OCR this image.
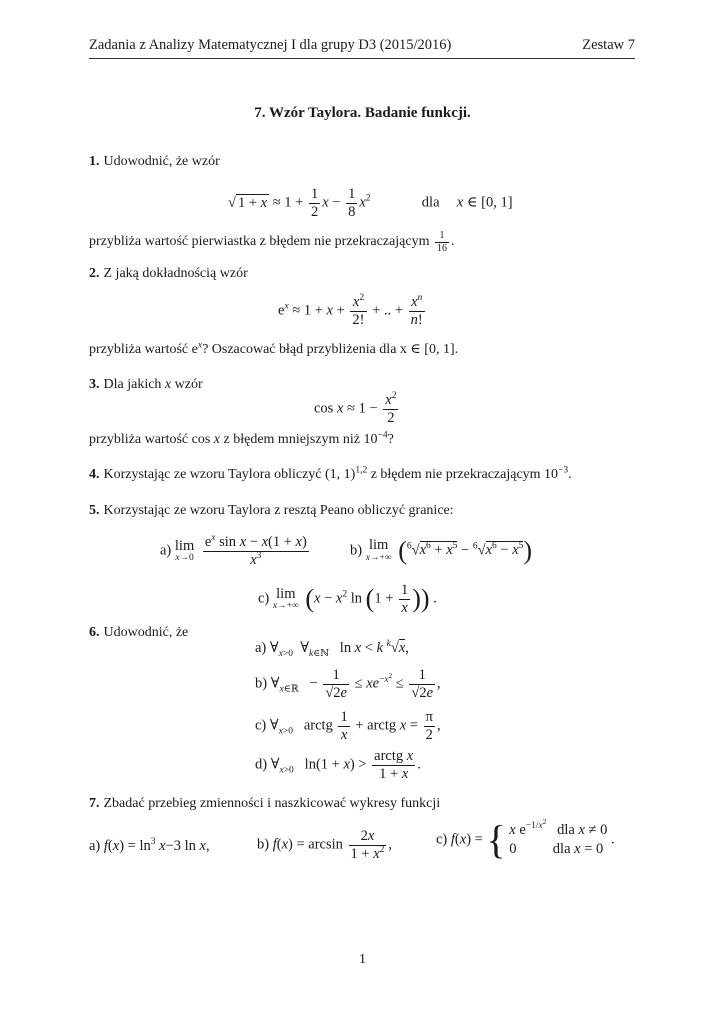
Zadania z Analizy Matematycznej I dla grupy D3 (2015/2016)	Zestaw 7
7. Wzór Taylora. Badanie funkcji.
1. Udowodnić, że wzór
√ $1 + x \approx 1 + \frac{1}{2}$ $x - \frac{1}{8} x^2$	dla x ∈ [0, 1]
przybliża wartość pierwiastka z błędem nie przekraczającym $\frac{1}{16}$ .
2. Z jaką dokładnością wzór
$e^x \approx 1 + x + \frac{x^2}{2!}$ + .. + $\frac{x^n}{n!}$
przybliża wartość $e^x$? Oszacować błąd przybliżenia dla x ∈ [0, 1].
3. Dla jakich x wzór
$\cos x \approx 1 - \frac{x^2}{2}$
przybliża wartość cos x z błędem mniejszym niż $10^{-4}$?
4. Korzystając ze wzoru Taylora obliczyć (1, 1)$^{1,2}$ z błędem nie przekraczającym $10^{-3}$.
5. Korzystając ze wzoru Taylora z resztą Peano obliczyć granice:
a) lim
x→0
$\frac{e^x \sin x - x(1 + x)}{x^3}$	b) lim
x→+∞ $(^6√x^6 + x^5 - ^6√x^6 - x^5)$
c) lim
x→+∞ ($x - x^2$ $\ln (1 + \frac{1}{x}$ )) .
6. Udowodnić, że
a) $\forall_{x>0}$  $\forall_{k\in ℕ}$   ln x < k $^k$√x,
b) $\forall_{x\in ℝ} - \frac{1}{√2e} \le xe^{-x^2} \le \frac{1}{√2e}$ ,
c) $\forall_{x>0}$   arctg $\frac{1}{x}$ + arctg $x = \frac{\pi}{2}$ ,
d) $\forall_{x>0}$   $\ln(1 + x) > \frac{\text{arctg x}}{1 + x}$ .
7. Zbadać przebieg zmienności i naszkicować wykresy funkcji
a) $f(x) = \ln^3 x-3$ ln x,	b) $f(x) = \arcsin \frac{2x}{1 + x^2}$ ,	c) f(x) = { x $e^{-1/x^2}$   dla x ≠ 0
0          dla x = 0
.
1
